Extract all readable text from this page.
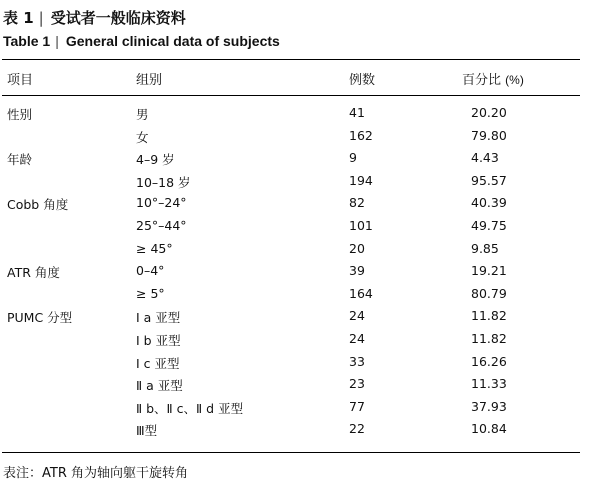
表 1 | 受试者一般临床资料
Table 1 | General clinical data of subjects
项目	组别	例数	百分比 (%)
性别	男	41	20.20
女	162	79.80
年龄	4–9 岁	9	4.43
10–18 岁	194	95.57
Cobb 角度	10°–24°	82	40.39
25°–44°	101	49.75
≥ 45°	20	9.85
ATR 角度	0–4°	39	19.21
≥ 5°	164	80.79
PUMC 分型	Ⅰ a 亚型	24	11.82
Ⅰ b 亚型	24	11.82
Ⅰ c 亚型	33	16.26
Ⅱ a 亚型	23	11.33
Ⅱ b、Ⅱ c、Ⅱ d 亚型	77	37.93
Ⅲ型	22	10.84
表注：ATR 角为轴向躯干旋转角
